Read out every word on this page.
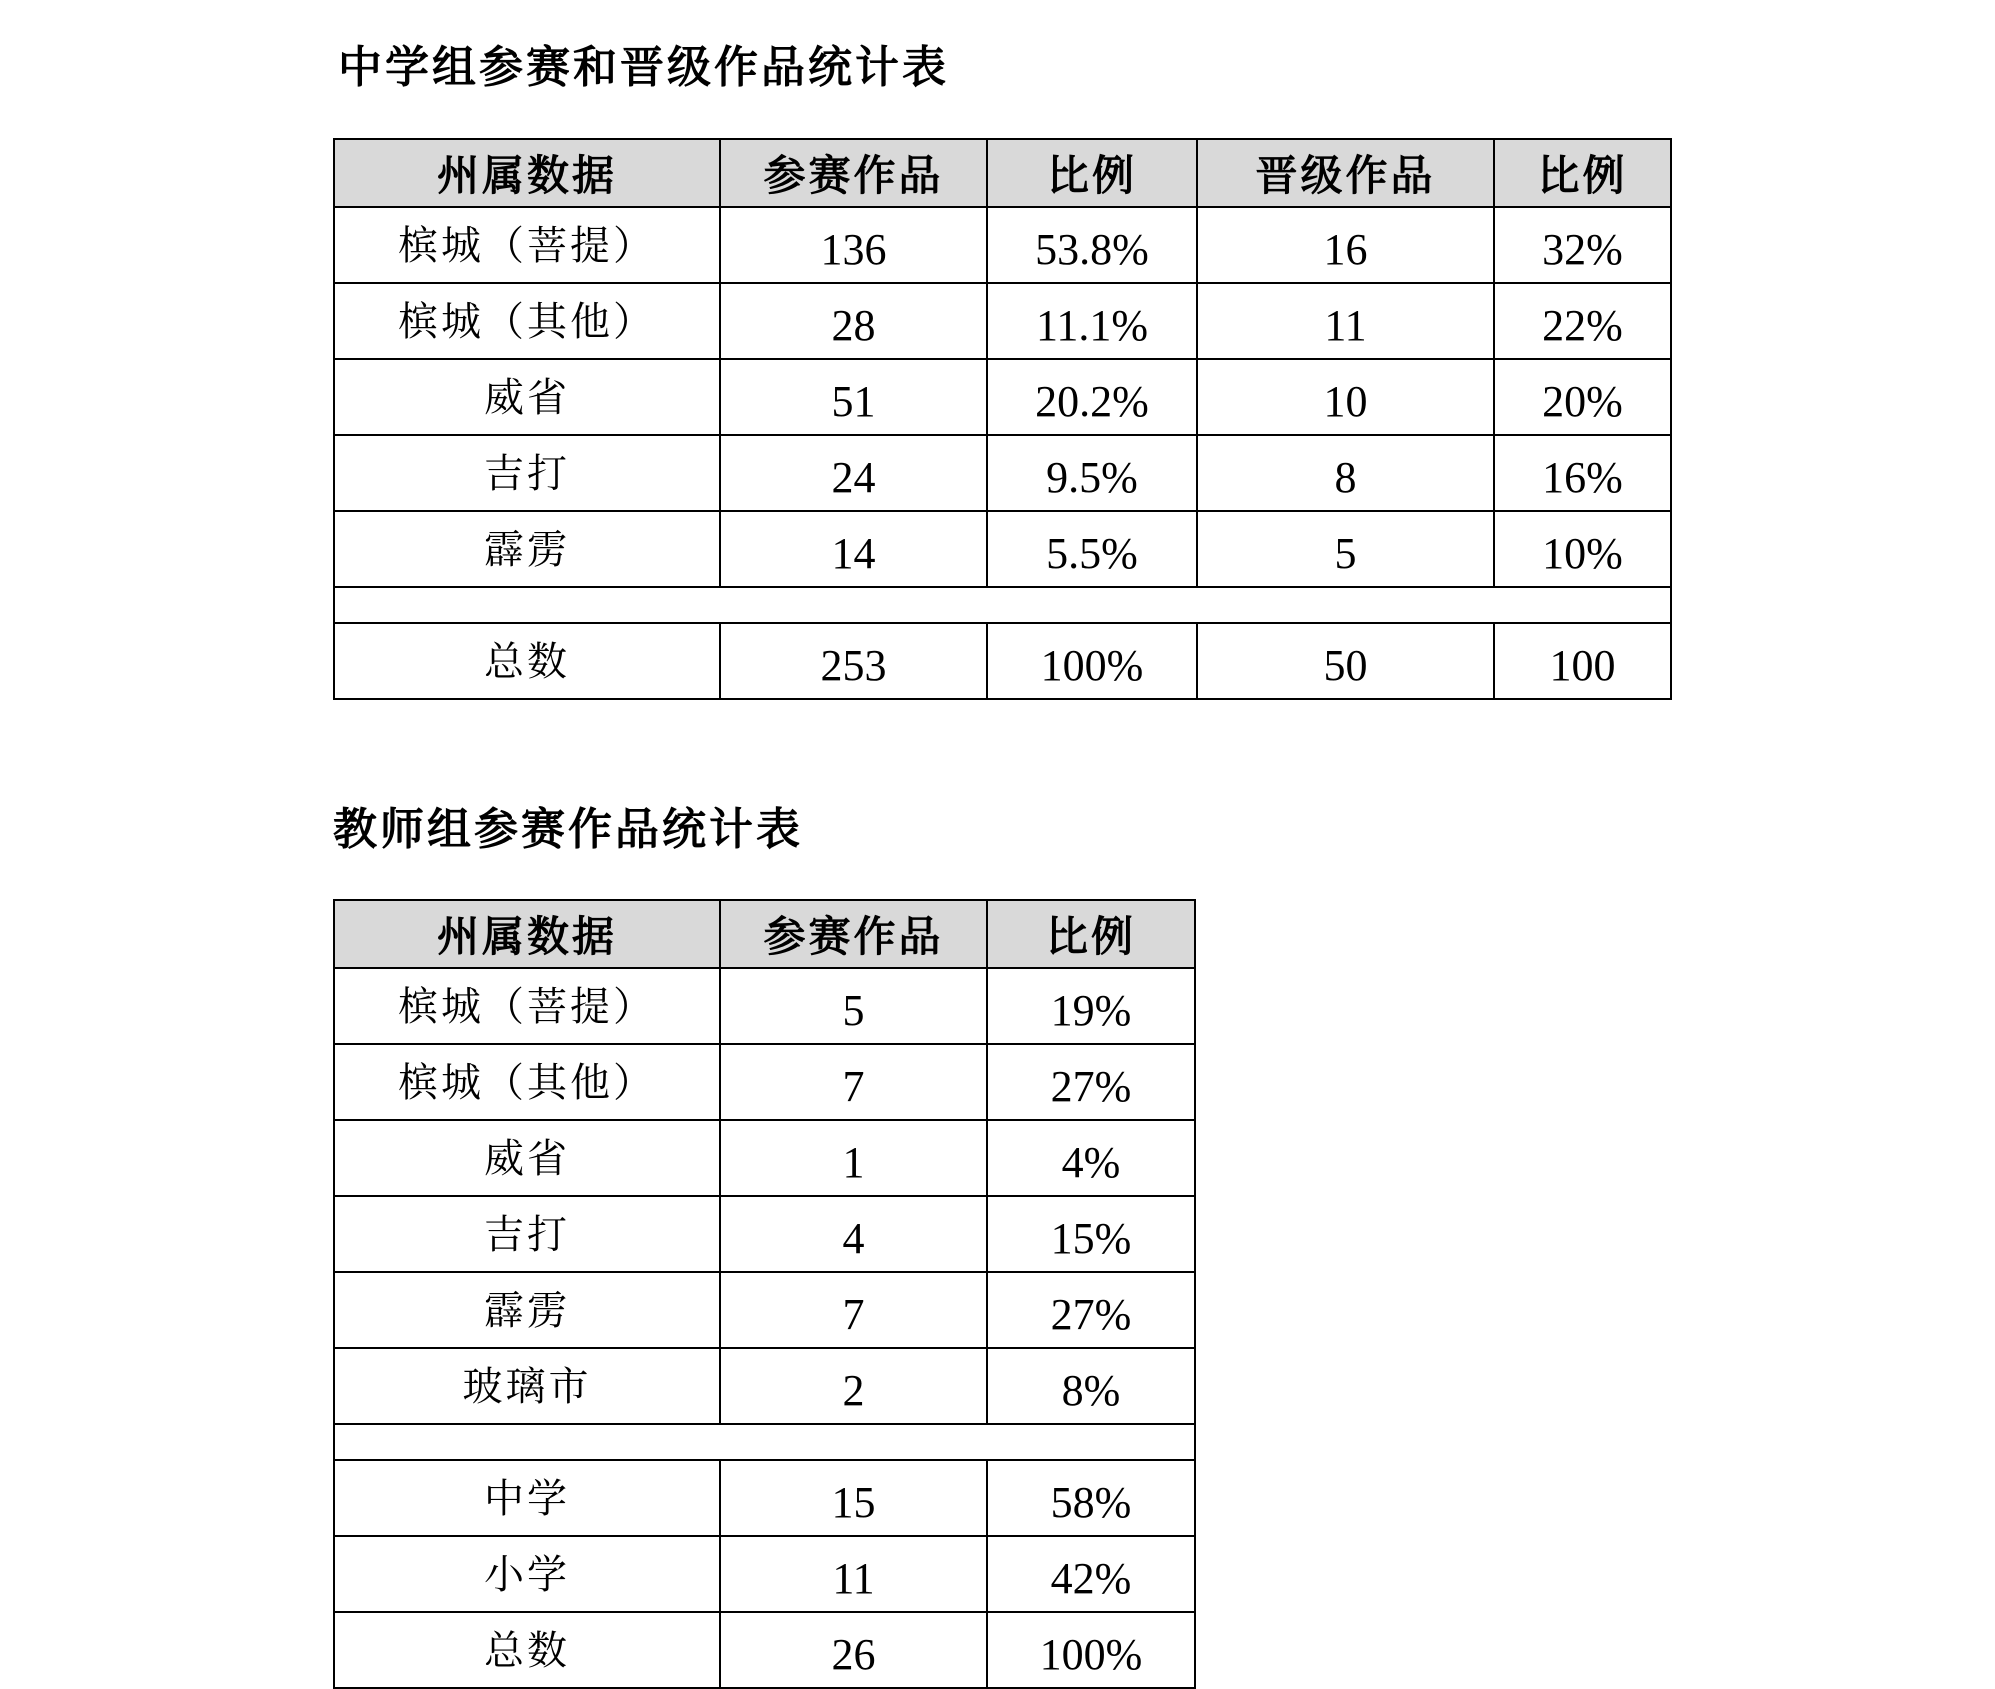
中学组参赛和晋级作品统计表
州属数据	参赛作品	比例	晋级作品	比例
槟城（菩提）	136	53.8%	16	32%
槟城（其他）	28	11.1%	11	22%
威省	51	20.2%	10	20%
吉打	24	9.5%	8	16%
霹雳	14	5.5%	5	10%

总数	253	100%	50	100
教师组参赛作品统计表
州属数据	参赛作品	比例
槟城（菩提）	5	19%
槟城（其他）	7	27%
威省	1	4%
吉打	4	15%
霹雳	7	27%
玻璃市	2	8%

中学	15	58%
小学	11	42%
总数	26	100%
